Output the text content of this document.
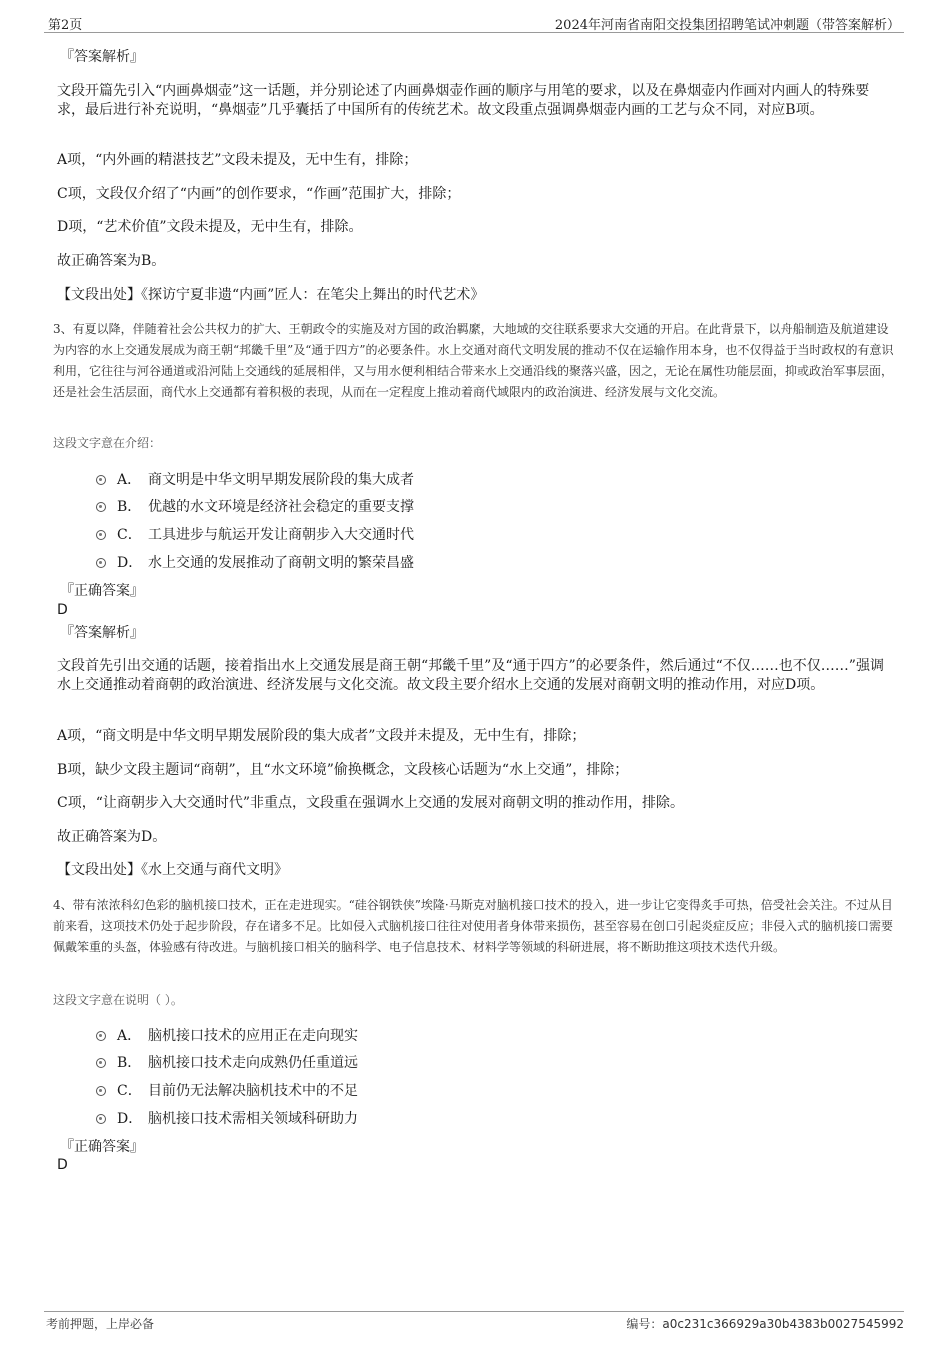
第2页	2024年河南省南阳交投集团招聘笔试冲刺题（带答案解析）
『答案解析』
文段开篇先引入“内画鼻烟壶”这一话题，并分别论述了内画鼻烟壶作画的顺序与用笔的要求，以及在鼻烟壶内作画对内画人的特殊要求，最后进行补充说明，“鼻烟壶”几乎囊括了中国所有的传统艺术。故文段重点强调鼻烟壶内画的工艺与众不同，对应B项。
A项，“内外画的精湛技艺”文段未提及，无中生有，排除；
C项，文段仅介绍了“内画”的创作要求，“作画”范围扩大，排除；
D项，“艺术价值”文段未提及，无中生有，排除。
故正确答案为B。
【文段出处】《探访宁夏非遗“内画”匠人：在笔尖上舞出的时代艺术》
3、有夏以降，伴随着社会公共权力的扩大、王朝政令的实施及对方国的政治羁縻，大地域的交往联系要求大交通的开启。在此背景下，以舟船制造及航道建设为内容的水上交通发展成为商王朝“邦畿千里”及“通于四方”的必要条件。水上交通对商代文明发展的推动不仅在运输作用本身，也不仅得益于当时政权的有意识利用，它往往与河谷通道或沿河陆上交通线的延展相伴，又与用水便利相结合带来水上交通沿线的聚落兴盛，因之，无论在属性功能层面，抑或政治军事层面，还是社会生活层面，商代水上交通都有着积极的表现，从而在一定程度上推动着商代域限内的政治演进、经济发展与文化交流。
这段文字意在介绍：
A． 商文明是中华文明早期发展阶段的集大成者
B． 优越的水文环境是经济社会稳定的重要支撑
C． 工具进步与航运开发让商朝步入大交通时代
D． 水上交通的发展推动了商朝文明的繁荣昌盛
『正确答案』
D
『答案解析』
文段首先引出交通的话题，接着指出水上交通发展是商王朝“邦畿千里”及“通于四方”的必要条件，然后通过“不仅……也不仅……”强调水上交通推动着商朝的政治演进、经济发展与文化交流。故文段主要介绍水上交通的发展对商朝文明的推动作用，对应D项。
A项，“商文明是中华文明早期发展阶段的集大成者”文段并未提及，无中生有，排除；
B项，缺少文段主题词“商朝”，且“水文环境”偷换概念，文段核心话题为“水上交通”，排除；
C项，“让商朝步入大交通时代”非重点，文段重在强调水上交通的发展对商朝文明的推动作用，排除。
故正确答案为D。
【文段出处】《水上交通与商代文明》
4、带有浓浓科幻色彩的脑机接口技术，正在走进现实。“硅谷钢铁侠”埃隆·马斯克对脑机接口技术的投入，进一步让它变得炙手可热，倍受社会关注。不过从目前来看，这项技术仍处于起步阶段，存在诸多不足。比如侵入式脑机接口往往对使用者身体带来损伤，甚至容易在创口引起炎症反应；非侵入式的脑机接口需要佩戴笨重的头盔，体验感有待改进。与脑机接口相关的脑科学、电子信息技术、材料学等领域的科研进展，将不断助推这项技术迭代升级。
这段文字意在说明（ ）。
A． 脑机接口技术的应用正在走向现实
B． 脑机接口技术走向成熟仍任重道远
C． 目前仍无法解决脑机技术中的不足
D． 脑机接口技术需相关领域科研助力
『正确答案』
D
考前押题，上岸必备	编号：a0c231c366929a30b4383b0027545992
